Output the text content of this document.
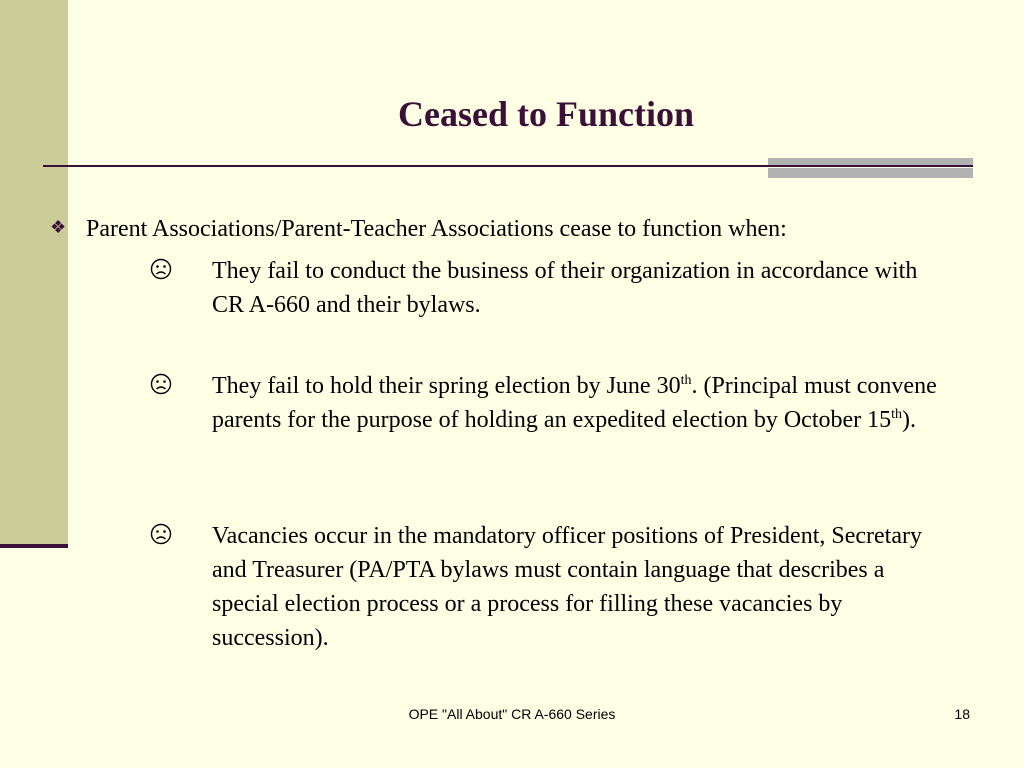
Ceased to Function
❖ Parent Associations/Parent-Teacher Associations cease to function when:
They fail to conduct the business of their organization in accordance with CR A-660 and their bylaws.
They fail to hold their spring election by June 30th. (Principal must convene parents for the purpose of holding an expedited election by October 15th).
Vacancies occur in the mandatory officer positions of President, Secretary and Treasurer (PA/PTA bylaws must contain language that describes a special election process or a process for filling these vacancies by succession).
OPE "All About" CR A-660 Series	18
